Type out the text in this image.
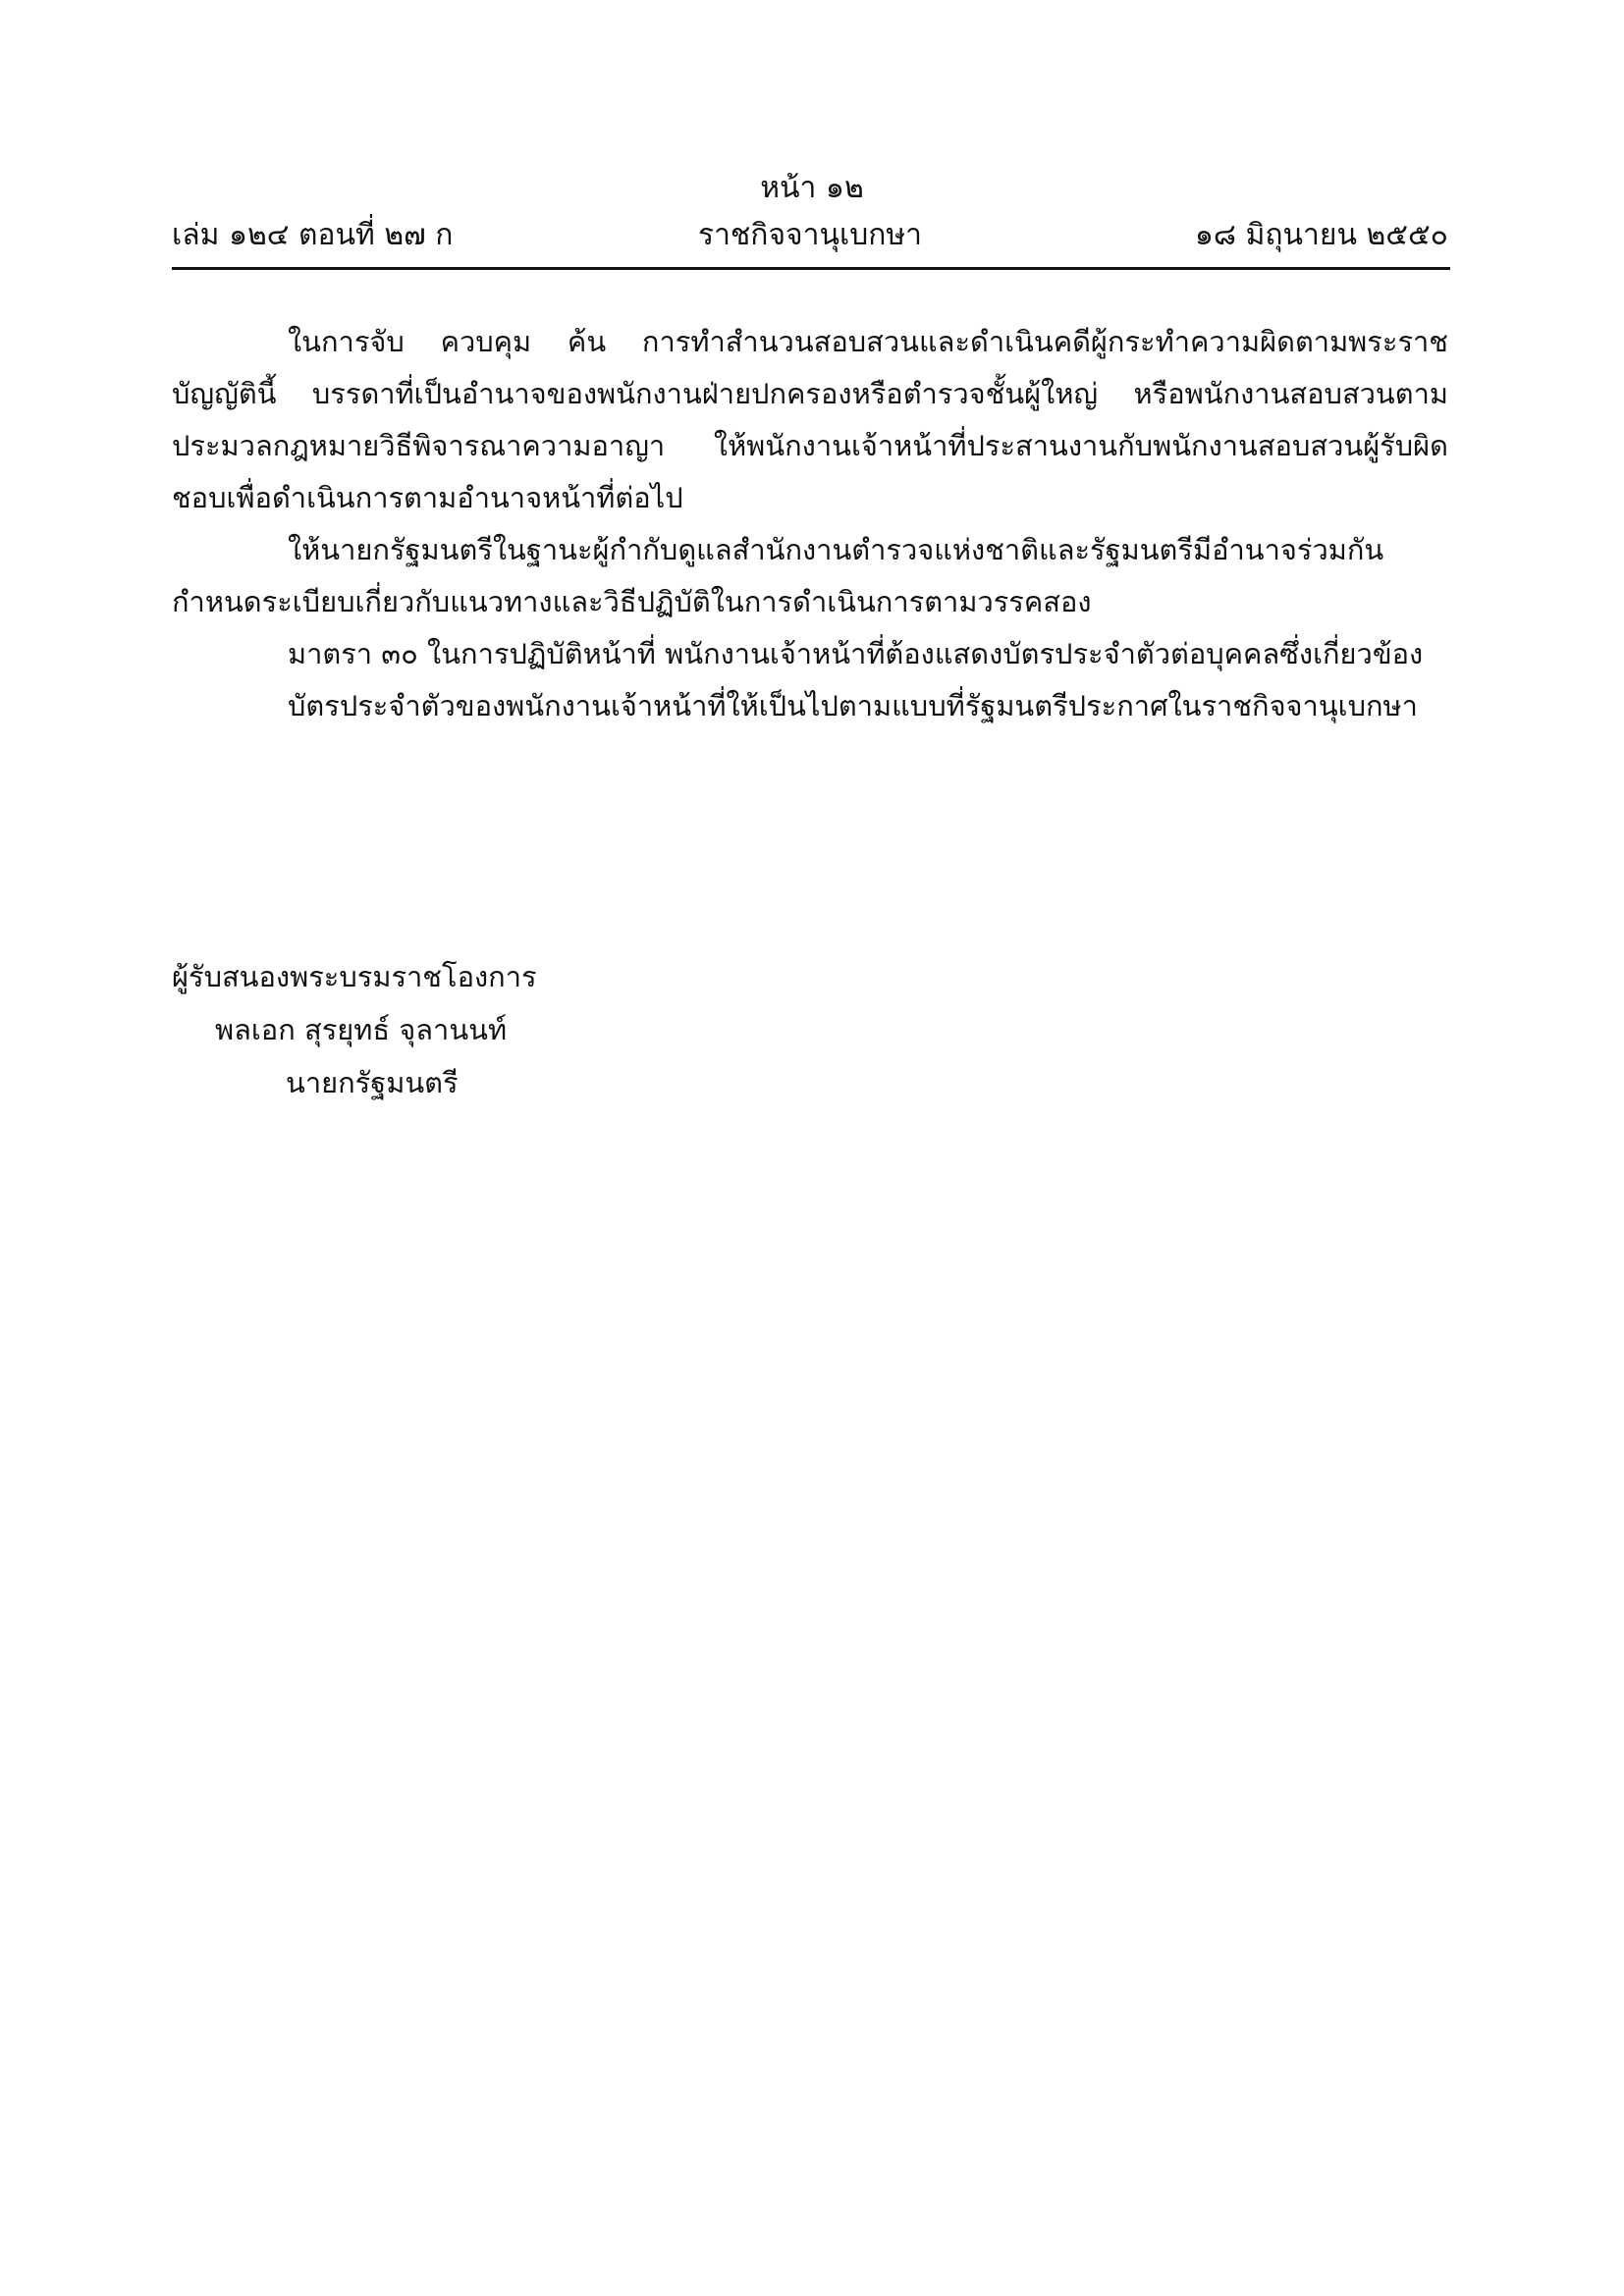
หน้า ๑๒
เล่ม ๑๒๔ ตอนที่ ๒๗ ก	ราชกิจจานุเบกษา	๑๘ มิถุนายน ๒๕๕๐

ในการจับ ควบคุม ค้น การทำสำนวนสอบสวนและดำเนินคดีผู้กระทำความผิดตามพระราชบัญญัตินี้ บรรดาที่เป็นอำนาจของพนักงานฝ่ายปกครองหรือตำรวจชั้นผู้ใหญ่ หรือพนักงานสอบสวนตามประมวลกฎหมายวิธีพิจารณาความอาญา ให้พนักงานเจ้าหน้าที่ประสานงานกับพนักงานสอบสวนผู้รับผิดชอบเพื่อดำเนินการตามอำนาจหน้าที่ต่อไป

ให้นายกรัฐมนตรีในฐานะผู้กำกับดูแลสำนักงานตำรวจแห่งชาติและรัฐมนตรีมีอำนาจร่วมกันกำหนดระเบียบเกี่ยวกับแนวทางและวิธีปฏิบัติในการดำเนินการตามวรรคสอง

มาตรา ๓๐ ในการปฏิบัติหน้าที่ พนักงานเจ้าหน้าที่ต้องแสดงบัตรประจำตัวต่อบุคคลซึ่งเกี่ยวข้อง

บัตรประจำตัวของพนักงานเจ้าหน้าที่ให้เป็นไปตามแบบที่รัฐมนตรีประกาศในราชกิจจานุเบกษา

ผู้รับสนองพระบรมราชโองการ

พลเอก สุรยุทธ์ จุลานนท์

นายกรัฐมนตรี
